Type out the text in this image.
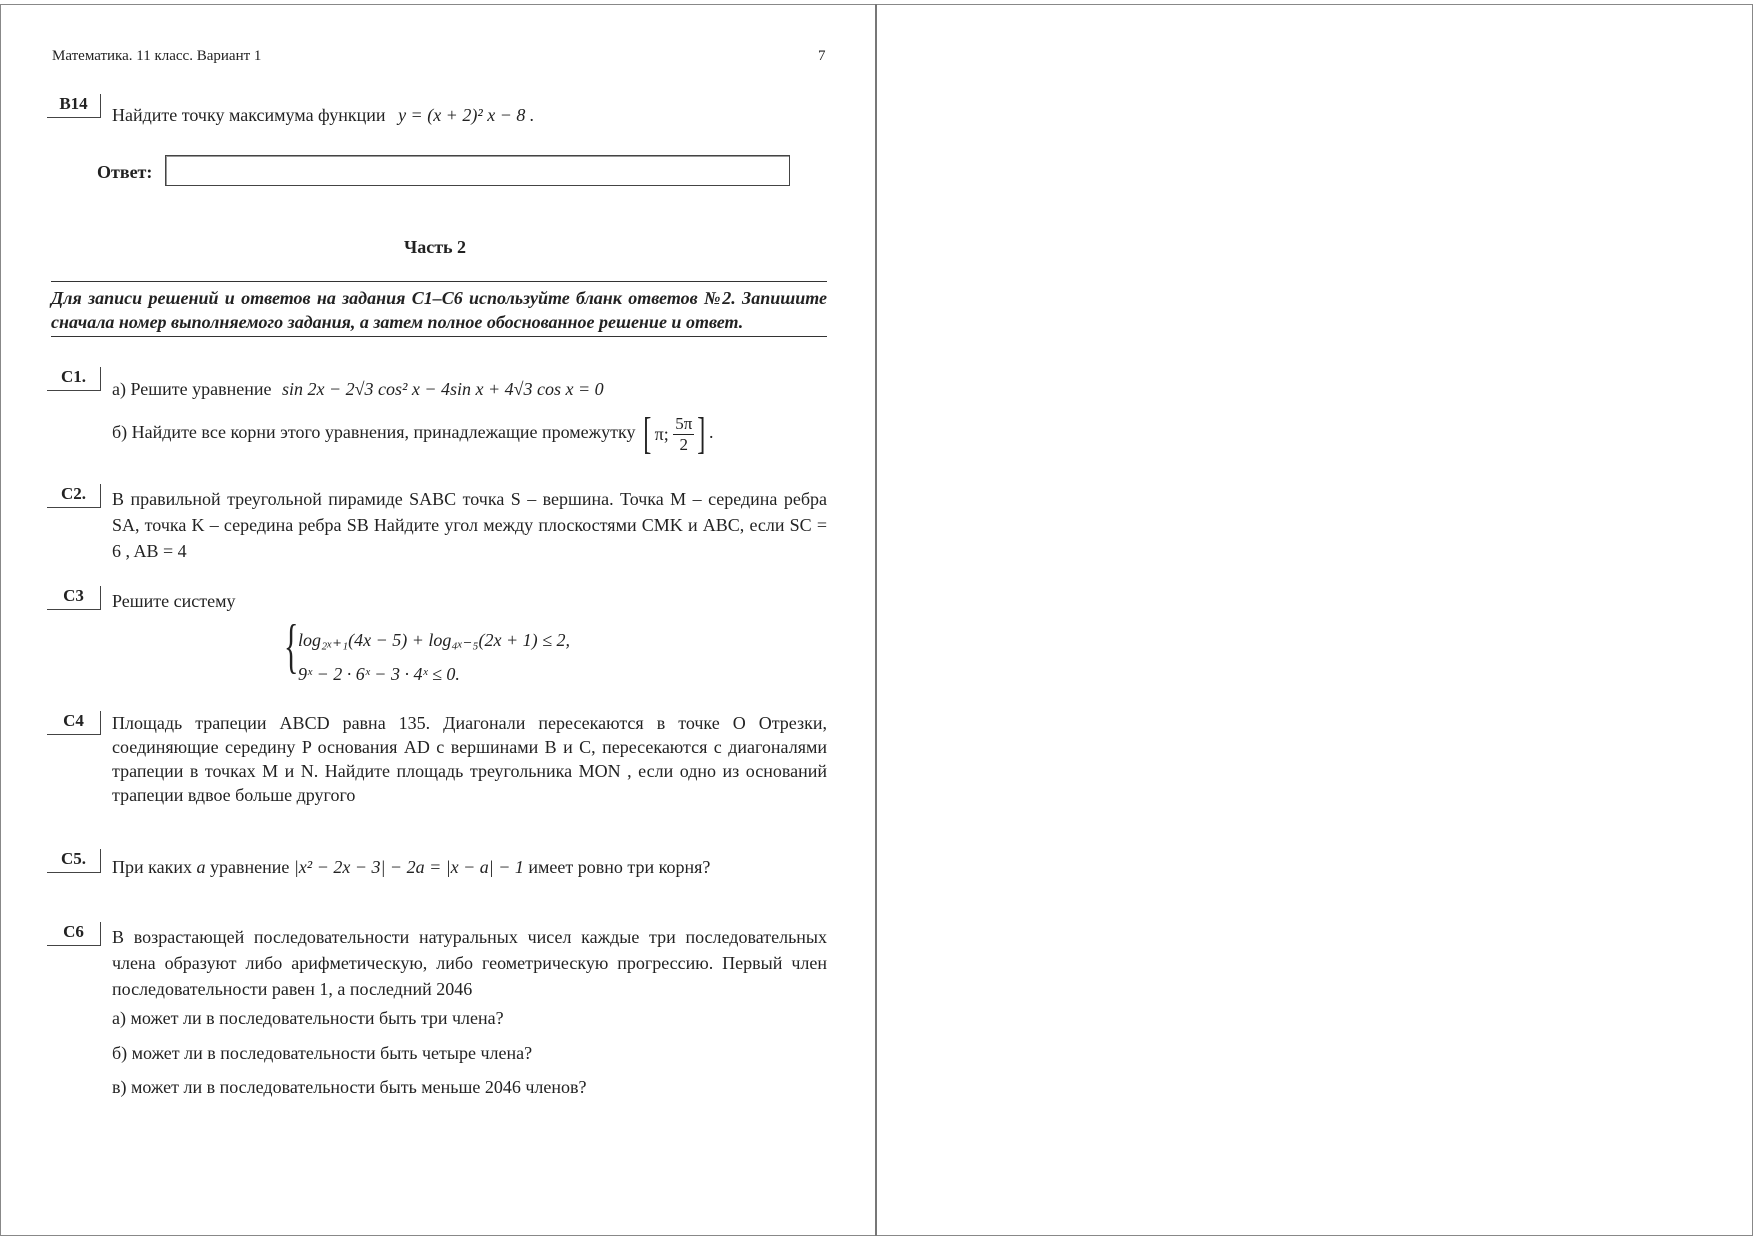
Математика. 11 класс. Вариант 1	7
B14
Найдите точку максимума функции y = (x + 2)² x − 8 .
Ответ:
Часть 2
Для записи решений и ответов на задания С1–С6 используйте бланк ответов №2. Запишите сначала номер выполняемого задания, а затем полное обоснованное решение и ответ.
C1.
а) Решите уравнение sin 2x − 2√3 cos² x − 4sin x + 4√3 cos x = 0
б) Найдите все корни этого уравнения, принадлежащие промежутку [ π; $\frac{5\pi}{2}$ ] .
C2.	В правильной треугольной пирамиде SABC точка S – вершина. Точка M – середина ребра SA, точка K – середина ребра SB Найдите угол между плоскостями CMK и ABC, если SC = 6 , AB = 4
C3	Решите систему
{ log₂ₓ₊₁(4x − 5) + log₄ₓ₋₅(2x + 1) ≤ 2,
9ˣ − 2 · 6ˣ − 3 · 4ˣ ≤ 0.
C4	Площадь трапеции ABCD равна 135. Диагонали пересекаются в точке O Отрезки, соединяющие середину P основания AD с вершинами B и C, пересекаются с диагоналями трапеции в точках M и N. Найдите площадь треугольника MON , если одно из оснований трапеции вдвое больше другого
C5.	При каких a уравнение |x² − 2x − 3| − 2a = |x − a| − 1 имеет ровно три корня?
C6	В возрастающей последовательности натуральных чисел каждые три последовательных члена образуют либо арифметическую, либо геометрическую прогрессию. Первый член последовательности равен 1, а последний 2046
а) может ли в последовательности быть три члена?
б) может ли в последовательности быть четыре члена?
в) может ли в последовательности быть меньше 2046 членов?
